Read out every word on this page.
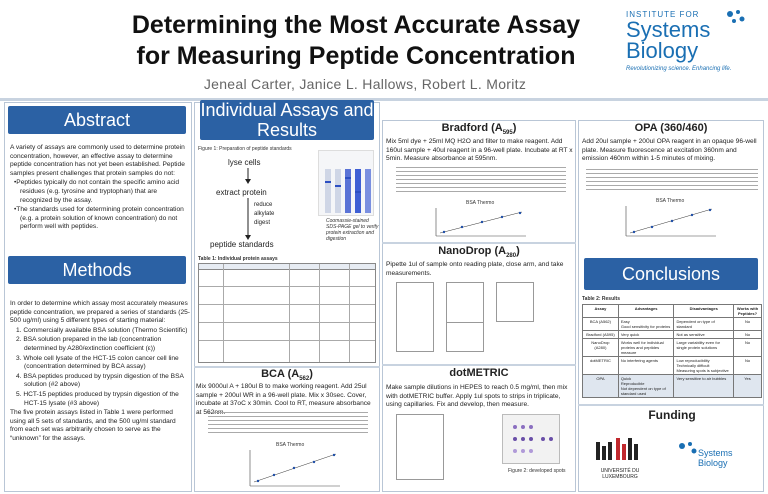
Determining the Most Accurate Assay
for Measuring Peptide Concentration
Jeneal Carter, Janice L. Hallows, Robert L. Moritz
INSTITUTE FOR
Systems
Biology
Revolutionizing science. Enhancing life.
Abstract

A variety of assays are commonly used to determine protein concentration, however, an effective assay to determine peptide concentration has not yet been established. Peptide samples present challenges that protein samples do not:

•Peptides typically do not contain the specific amino acid residues (e.g. tyrosine and tryptophan) that are recognized by the assay.

•The standards used for determining protein concentration (e.g. a protein solution of known concentration) do not perform well with peptides.

Methods

In order to determine which assay most accurately measures peptide concentration, we prepared a series of standards (25-500 ug/ml) using 5 different types of starting material:

1. Commercially available BSA solution (Thermo Scientific)

2. BSA solution prepared in the lab (concentration determined by A280/extinction coefficient (ε))

3. Whole cell lysate of the HCT-15 colon cancer cell line (concentration determined by BCA assay)

4. BSA peptides produced by trypsin digestion of the BSA solution (#2 above)

5. HCT-15 peptides produced by trypsin digestion of the HCT-15 lysate (#3 above)

The five protein assays listed in Table 1 were performed using all 5 sets of standards, and the 500 ug/ml standard from each set was arbitrarily chosen to serve as the “unknown” for the assays.

Individual Assays and Results
Figure 1: Preparation of peptide standards
lyse cells
extract protein
reduce
alkylate
digest
peptide standards
Coomassie-stained SDS-PAGE gel to verify protein extraction and digestion
Table 1: Individual protein assays
BCA $(A_{562})$
Mix 9000ul A + 180ul B to make working reagent. Add 25ul sample + 200ul WR in a 96-well plate. Mix x 30sec. Cover, incubate at 37oC x 30min. Cool to RT, measure absorbance at 562nm.
BSA Thermo
Bradford $(A_{595})$
Mix 5ml dye + 25ml MQ H2O and filter to make reagent. Add 160ul sample + 40ul reagent in a 96-well plate. Incubate at RT x 5min. Measure absorbance at 595nm.
BSA Thermo
NanoDrop $(A_{280})$
Pipette 1ul of sample onto reading plate, close arm, and take measurements.
dotMETRIC
Make sample dilutions in HEPES to reach 0.5 mg/ml, then mix with dotMETRIC buffer. Apply 1ul spots to strips in triplicate, using capillaries. Fix and develop, then measure.
Figure 2: developed spots
OPA (360/460)
Add 20ul sample + 200ul OPA reagent in an opaque 96-well plate. Measure fluorescence at excitation 360nm and emission 460nm within 1-5 minutes of mixing.
BSA Thermo
Conclusions
Table 2: Results
Assay	Advantages	Disadvantages	Works with Peptides?
BCA (A562)	Easy
Good sensitivity for proteins	Dependent on type of standard	No
Bradford (A595)	Very quick	Not as sensitive	No
NanoDrop (A280)	Works well for individual proteins and peptides measure	Large variability even for single protein solutions	No
dotMETRIC	No interfering agents	Low reproducibility
Technically difficult
Measuring spots is subjective	No
OPA	Quick
Reproducible
Not dependent on type of standard used	Very sensitive to air bubbles	Yes
Funding
UNIVERSITÉ DU LUXEMBOURG
Systems Biology
